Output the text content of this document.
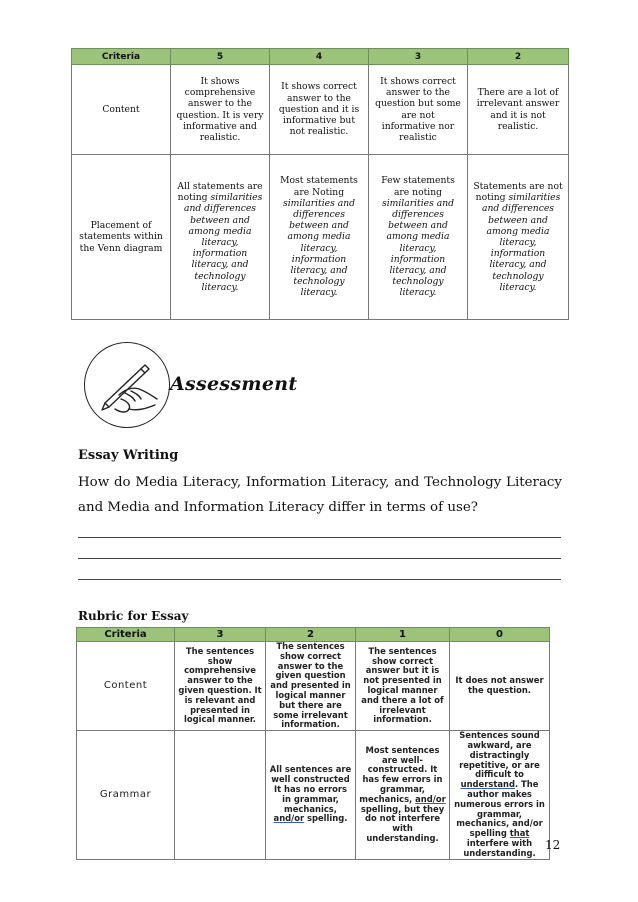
Criteria	5	4	3	2
Content	It shows comprehensive answer to the question. It is very informative and realistic.	It shows correct answer to the question and it is informative but not realistic.	It shows correct answer to the question but some are not informative nor realistic	There are a lot of irrelevant answer and it is not realistic.
Placement of statements within the Venn diagram	All statements are noting similarities and differences between and among media literacy, information literacy, and technology literacy.	Most statements are Noting similarities and differences between and among media literacy, information literacy, and technology literacy.	Few statements are noting similarities and differences between and among media literacy, information literacy, and technology literacy.	Statements are not noting similarities and differences between and among media literacy, information literacy, and technology literacy.
Assessment
Essay Writing
How do Media Literacy, Information Literacy, and Technology Literacy and Media and Information Literacy differ in terms of use?
Rubric for Essay
Criteria	3	2	1	0
Content	The sentences show comprehensive answer to the given question. It is relevant and presented in logical manner.	The sentences show correct answer to the given question and presented in logical manner but there are some irrelevant information.	The sentences show correct answer but it is not presented in logical manner and there a lot of irrelevant information.	It does not answer the question.
Grammar		All sentences are well constructed It has no errors in grammar, mechanics, and/or spelling.	Most sentences are well-constructed. It has few errors in grammar, mechanics, and/or spelling, but they do not interfere with understanding.	Sentences sound awkward, are distractingly repetitive, or are difficult to understand. The author makes numerous errors in grammar, mechanics, and/or spelling that interfere with understanding.
12
